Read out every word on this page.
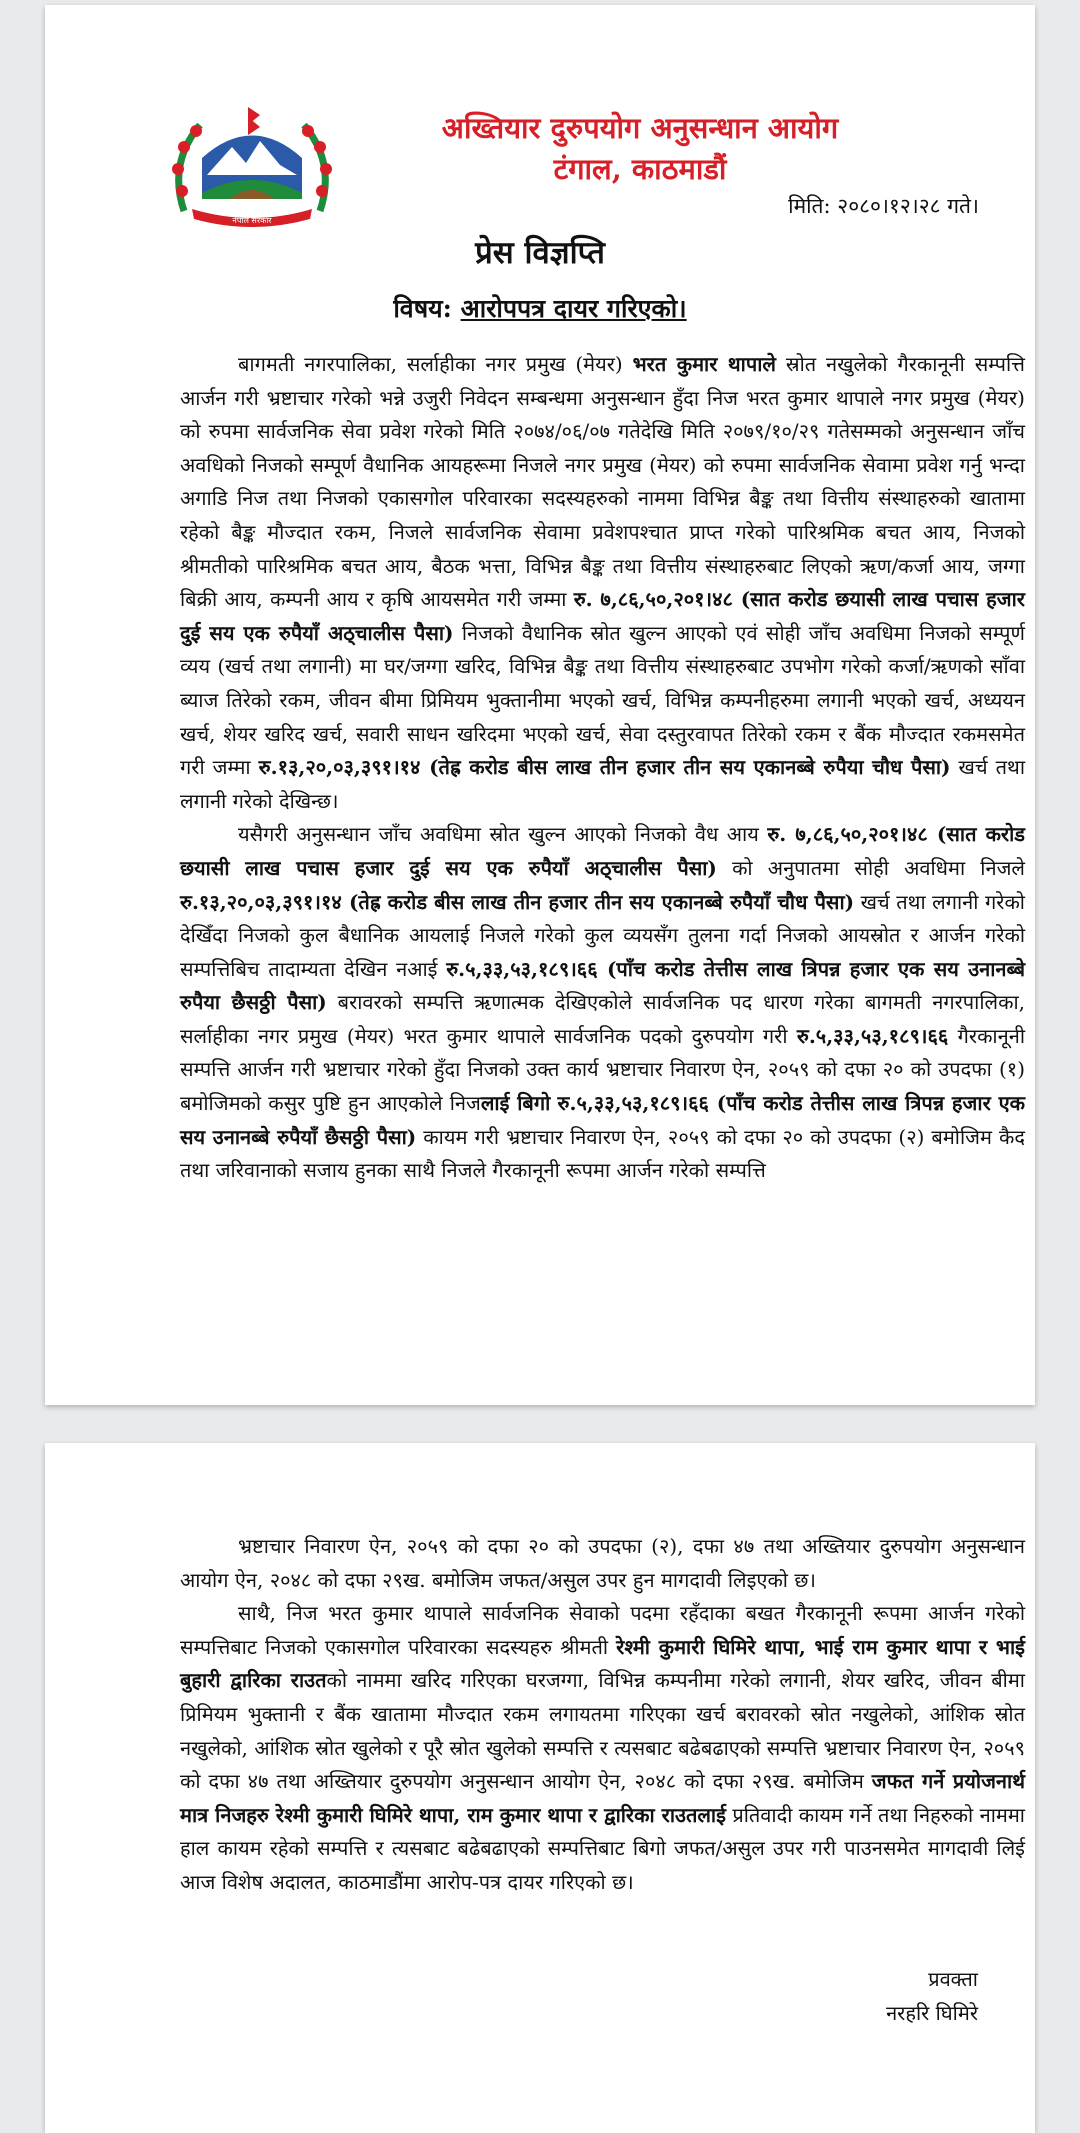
नेपाल सरकार
अख्तियार दुरुपयोग अनुसन्धान आयोग
टंगाल, काठमाडौं
मिति: २०८०।१२।२८ गते।
प्रेस विज्ञप्ति
विषय: आरोपपत्र दायर गरिएको।

बागमती नगरपालिका, सर्लाहीका नगर प्रमुख (मेयर) भरत कुमार थापाले स्रोत नखुलेको गैरकानूनी सम्पत्ति आर्जन गरी भ्रष्टाचार गरेको भन्ने उजुरी निवेदन सम्बन्धमा अनुसन्धान हुँदा निज भरत कुमार थापाले नगर प्रमुख (मेयर) को रुपमा सार्वजनिक सेवा प्रवेश गरेको मिति २०७४/०६/०७ गतेदेखि मिति २०७९/१०/२९ गतेसम्मको अनुसन्धान जाँच अवधिको निजको सम्पूर्ण वैधानिक आयहरूमा निजले नगर प्रमुख (मेयर) को रुपमा सार्वजनिक सेवामा प्रवेश गर्नु भन्दा अगाडि निज तथा निजको एकासगोल परिवारका सदस्यहरुको नाममा विभिन्न बैङ्क तथा वित्तीय संस्थाहरुको खातामा रहेको बैङ्क मौज्दात रकम, निजले सार्वजनिक सेवामा प्रवेशपश्चात प्राप्त गरेको पारिश्रमिक बचत आय, निजको श्रीमतीको पारिश्रमिक बचत आय, बैठक भत्ता, विभिन्न बैङ्क तथा वित्तीय संस्थाहरुबाट लिएको ऋण/कर्जा आय, जग्गा बिक्री आय, कम्पनी आय र कृषि आयसमेत गरी जम्मा रु. ७,८६,५०,२०१।४८ (सात करोड छयासी लाख पचास हजार दुई सय एक रुपैयाँ अठ्चालीस पैसा) निजको वैधानिक स्रोत खुल्न आएको एवं सोही जाँच अवधिमा निजको सम्पूर्ण व्यय (खर्च तथा लगानी) मा घर/जग्गा खरिद, विभिन्न बैङ्क तथा वित्तीय संस्थाहरुबाट उपभोग गरेको कर्जा/ऋणको साँवा ब्याज तिरेको रकम, जीवन बीमा प्रिमियम भुक्तानीमा भएको खर्च, विभिन्न कम्पनीहरुमा लगानी भएको खर्च, अध्ययन खर्च, शेयर खरिद खर्च, सवारी साधन खरिदमा भएको खर्च, सेवा दस्तुरवापत तिरेको रकम र बैंक मौज्दात रकमसमेत गरी जम्मा रु.१३,२०,०३,३९१।१४ (तेह्र करोड बीस लाख तीन हजार तीन सय एकानब्बे रुपैया चौध पैसा) खर्च तथा लगानी गरेको देखिन्छ।

यसैगरी अनुसन्धान जाँच अवधिमा स्रोत खुल्न आएको निजको वैध आय रु. ७,८६,५०,२०१।४८ (सात करोड छयासी लाख पचास हजार दुई सय एक रुपैयाँ अठ्चालीस पैसा) को अनुपातमा सोही अवधिमा निजले रु.१३,२०,०३,३९१।१४ (तेह्र करोड बीस लाख तीन हजार तीन सय एकानब्बे रुपैयाँ चौध पैसा) खर्च तथा लगानी गरेको देखिँदा निजको कुल बैधानिक आयलाई निजले गरेको कुल व्ययसँग तुलना गर्दा निजको आयस्रोत र आर्जन गरेको सम्पत्तिबिच तादाम्यता देखिन नआई रु.५,३३,५३,१८९।६६ (पाँच करोड तेत्तीस लाख त्रिपन्न हजार एक सय उनानब्बे रुपैया छैसठ्ठी पैसा) बरावरको सम्पत्ति ऋणात्मक देखिएकोले सार्वजनिक पद धारण गरेका बागमती नगरपालिका, सर्लाहीका नगर प्रमुख (मेयर) भरत कुमार थापाले सार्वजनिक पदको दुरुपयोग गरी रु.५,३३,५३,१८९।६६ गैरकानूनी सम्पत्ति आर्जन गरी भ्रष्टाचार गरेको हुँदा निजको उक्त कार्य भ्रष्टाचार निवारण ऐन, २०५९ को दफा २० को उपदफा (१) बमोजिमको कसुर पुष्टि हुन आएकोले निजलाई बिगो रु.५,३३,५३,१८९।६६ (पाँच करोड तेत्तीस लाख त्रिपन्न हजार एक सय उनानब्बे रुपैयाँ छैसठ्ठी पैसा) कायम गरी भ्रष्टाचार निवारण ऐन, २०५९ को दफा २० को उपदफा (२) बमोजिम कैद तथा जरिवानाको सजाय हुनका साथै निजले गैरकानूनी रूपमा आर्जन गरेको सम्पत्ति

भ्रष्टाचार निवारण ऐन, २०५९ को दफा २० को उपदफा (२), दफा ४७ तथा अख्तियार दुरुपयोग अनुसन्धान आयोग ऐन, २०४८ को दफा २९ख. बमोजिम जफत/असुल उपर हुन मागदावी लिइएको छ।

साथै, निज भरत कुमार थापाले सार्वजनिक सेवाको पदमा रहँदाका बखत गैरकानूनी रूपमा आर्जन गरेको सम्पत्तिबाट निजको एकासगोल परिवारका सदस्यहरु श्रीमती रेश्मी कुमारी घिमिरे थापा, भाई राम कुमार थापा र भाई बुहारी द्वारिका राउतको नाममा खरिद गरिएका घरजग्गा, विभिन्न कम्पनीमा गरेको लगानी, शेयर खरिद, जीवन बीमा प्रिमियम भुक्तानी र बैंक खातामा मौज्दात रकम लगायतमा गरिएका खर्च बरावरको स्रोत नखुलेको, आंशिक स्रोत नखुलेको, आंशिक स्रोत खुलेको र पूरै स्रोत खुलेको सम्पत्ति र त्यसबाट बढेबढाएको सम्पत्ति भ्रष्टाचार निवारण ऐन, २०५९ को दफा ४७ तथा अख्तियार दुरुपयोग अनुसन्धान आयोग ऐन, २०४८ को दफा २९ख. बमोजिम जफत गर्ने प्रयोजनार्थ मात्र निजहरु रेश्मी कुमारी घिमिरे थापा, राम कुमार थापा र द्वारिका राउतलाई प्रतिवादी कायम गर्ने तथा निहरुको नाममा हाल कायम रहेको सम्पत्ति र त्यसबाट बढेबढाएको सम्पत्तिबाट बिगो जफत/असुल उपर गरी पाउनसमेत मागदावी लिई आज विशेष अदालत, काठमाडौंमा आरोप-पत्र दायर गरिएको छ।

प्रवक्ता
नरहरि घिमिरे
